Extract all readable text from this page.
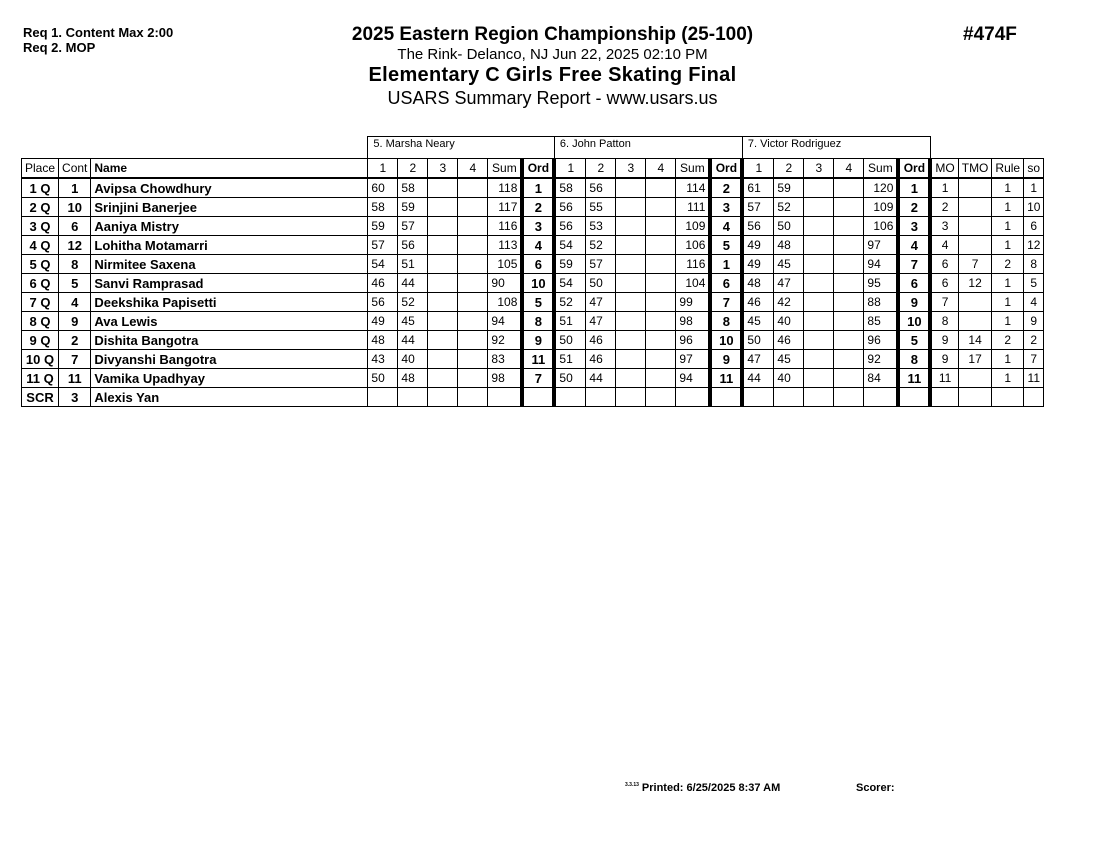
Req 1. Content Max 2:00
Req 2. MOP
2025 Eastern Region Championship (25-100)
The Rink- Delanco, NJ Jun 22, 2025 02:10 PM
Elementary C Girls Free Skating Final
USARS Summary Report - www.usars.us
#474F
			5. Marsha Neary						6. John Patton						7. Victor Rodriguez									
Place	Cont	Name	1	2	3	4	Sum	Ord	1	2	3	4	Sum	Ord	1	2	3	4	Sum	Ord	MO	TMO	Rule	so
1 Q	1	Avipsa Chowdhury	60	58			118	1	58	56			114	2	61	59			120	1	1		1	1
2 Q	10	Srinjini Banerjee	58	59			117	2	56	55			111	3	57	52			109	2	2		1	10
3 Q	6	Aaniya Mistry	59	57			116	3	56	53			109	4	56	50			106	3	3		1	6
4 Q	12	Lohitha Motamarri	57	56			113	4	54	52			106	5	49	48			97	4	4		1	12
5 Q	8	Nirmitee Saxena	54	51			105	6	59	57			116	1	49	45			94	7	6	7	2	8
6 Q	5	Sanvi Ramprasad	46	44			90	10	54	50			104	6	48	47			95	6	6	12	1	5
7 Q	4	Deekshika Papisetti	56	52			108	5	52	47			99	7	46	42			88	9	7		1	4
8 Q	9	Ava Lewis	49	45			94	8	51	47			98	8	45	40			85	10	8		1	9
9 Q	2	Dishita Bangotra	48	44			92	9	50	46			96	10	50	46			96	5	9	14	2	2
10 Q	7	Divyanshi Bangotra	43	40			83	11	51	46			97	9	47	45			92	8	9	17	1	7
11 Q	11	Vamika Upadhyay	50	48			98	7	50	44			94	11	44	40			84	11	11		1	11
SCR	3	Alexis Yan																						
$^{3.3.13}$ Printed: 6/25/2025 8:37 AM	Scorer:
